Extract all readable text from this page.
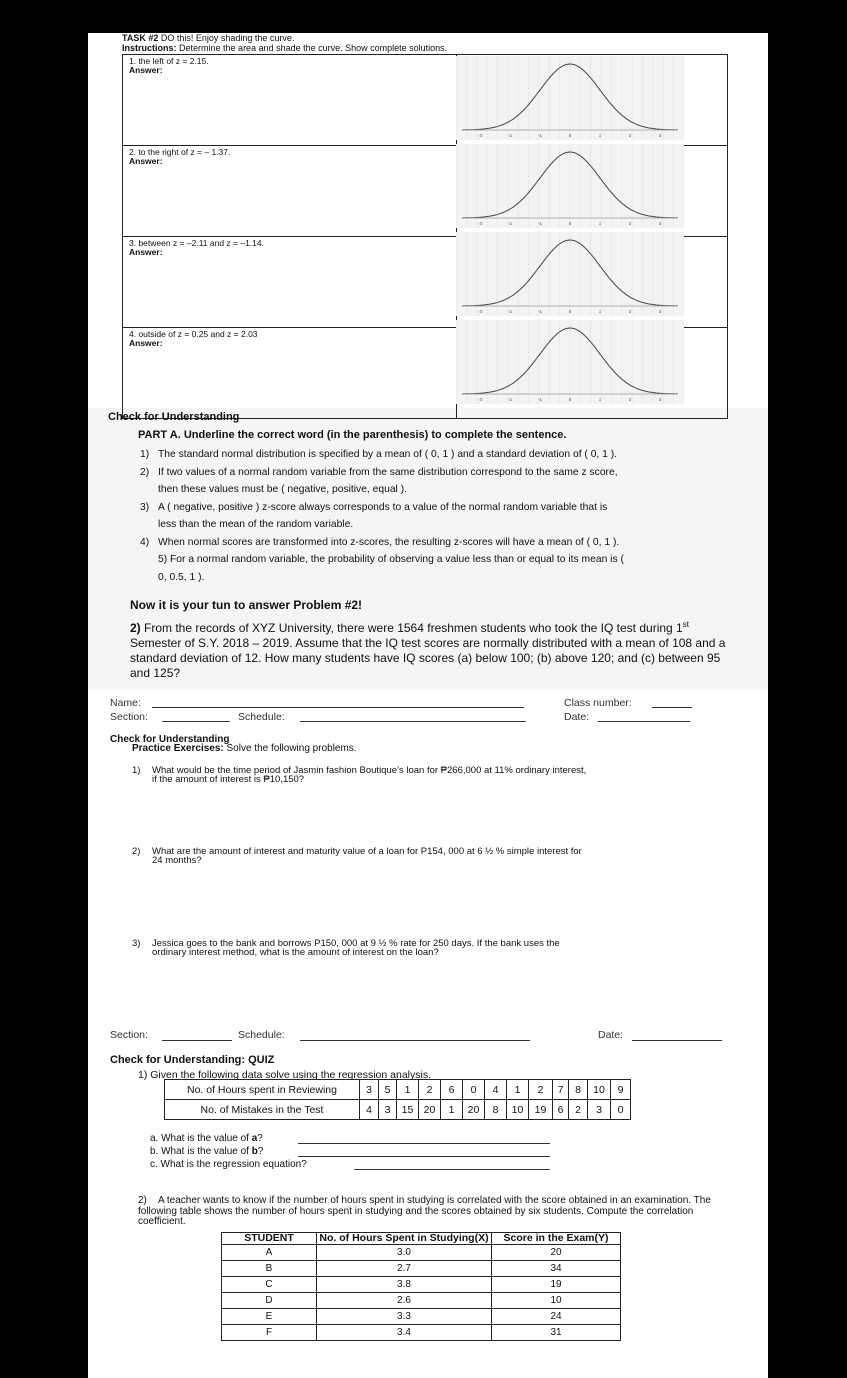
TASK #2 DO this! Enjoy shading the curve.
Instructions: Determine the area and shade the curve. Show complete solutions.
1. the left of z = 2.15.
Answer:	

2. to the right of z = – 1.37.
Answer:	

3. between z = –2.11 and z = –1.14.
Answer:	

4. outside of z = 0.25 and z = 2.03
Answer:	

-3	-2	-1	0	1	2	3
-3	-2	-1	0	1	2	3
-3	-2	-1	0	1	2	3
-3	-2	-1	0	1	2	3
Check for Understanding
PART A. Underline the correct word (in the parenthesis) to complete the sentence.
1) The standard normal distribution is specified by a mean of ( 0, 1 ) and a standard deviation of ( 0, 1 ).
2) If two values of a normal random variable from the same distribution correspond to the same z score,
then these values must be ( negative, positive, equal ).
3) A ( negative, positive ) z-score always corresponds to a value of the normal random variable that is
less than the mean of the random variable.
4) When normal scores are transformed into z-scores, the resulting z-scores will have a mean of ( 0, 1 ).
5) For a normal random variable, the probability of observing a value less than or equal to its mean is (
0, 0.5, 1 ).
Now it is your tun to answer Problem #2!
2) From the records of XYZ University, there were 1564 freshmen students who took the IQ test during 1st Semester of S.Y. 2018 – 2019. Assume that the IQ test scores are normally distributed with a mean of 108 and a standard deviation of 12. How many students have IQ scores (a) below 100; (b) above 120; and (c) between 95 and 125?
Name:	Class number:
Section:	Schedule:	Date:
Check for Understanding
Practice Exercises: Solve the following problems.
1) What would be the time period of Jasmin fashion Boutique’s loan for ₱266,000 at 11% ordinary interest,
if the amount of interest is ₱10,150?
2) What are the amount of interest and maturity value of a loan for P154, 000 at 6 ½ % simple interest for
24 months?
3) Jessica goes to the bank and borrows P150, 000 at 9 ½ % rate for 250 days. If the bank uses the
ordinary interest method, what is the amount of interest on the loan?
Section:	Schedule:	Date:
Check for Understanding: QUIZ
1) Given the following data solve using the regression analysis.
No. of Hours spent in Reviewing	3	5	1	2	6	0	4	1	2	7	8	10	9
No. of Mistakes in the Test	4	3	15	20	1	20	8	10	19	6	2	3	0
a. What is the value of a?
b. What is the value of b?
c. What is the regression equation?
2) A teacher wants to know if the number of hours spent in studying is correlated with the score obtained in an examination. The following table shows the number of hours spent in studying and the scores obtained by six students. Compute the correlation coefficient.
STUDENT	No. of Hours Spent in Studying(X)	Score in the Exam(Y)
A	3.0	20
B	2.7	34
C	3.8	19
D	2.6	10
E	3.3	24
F	3.4	31
